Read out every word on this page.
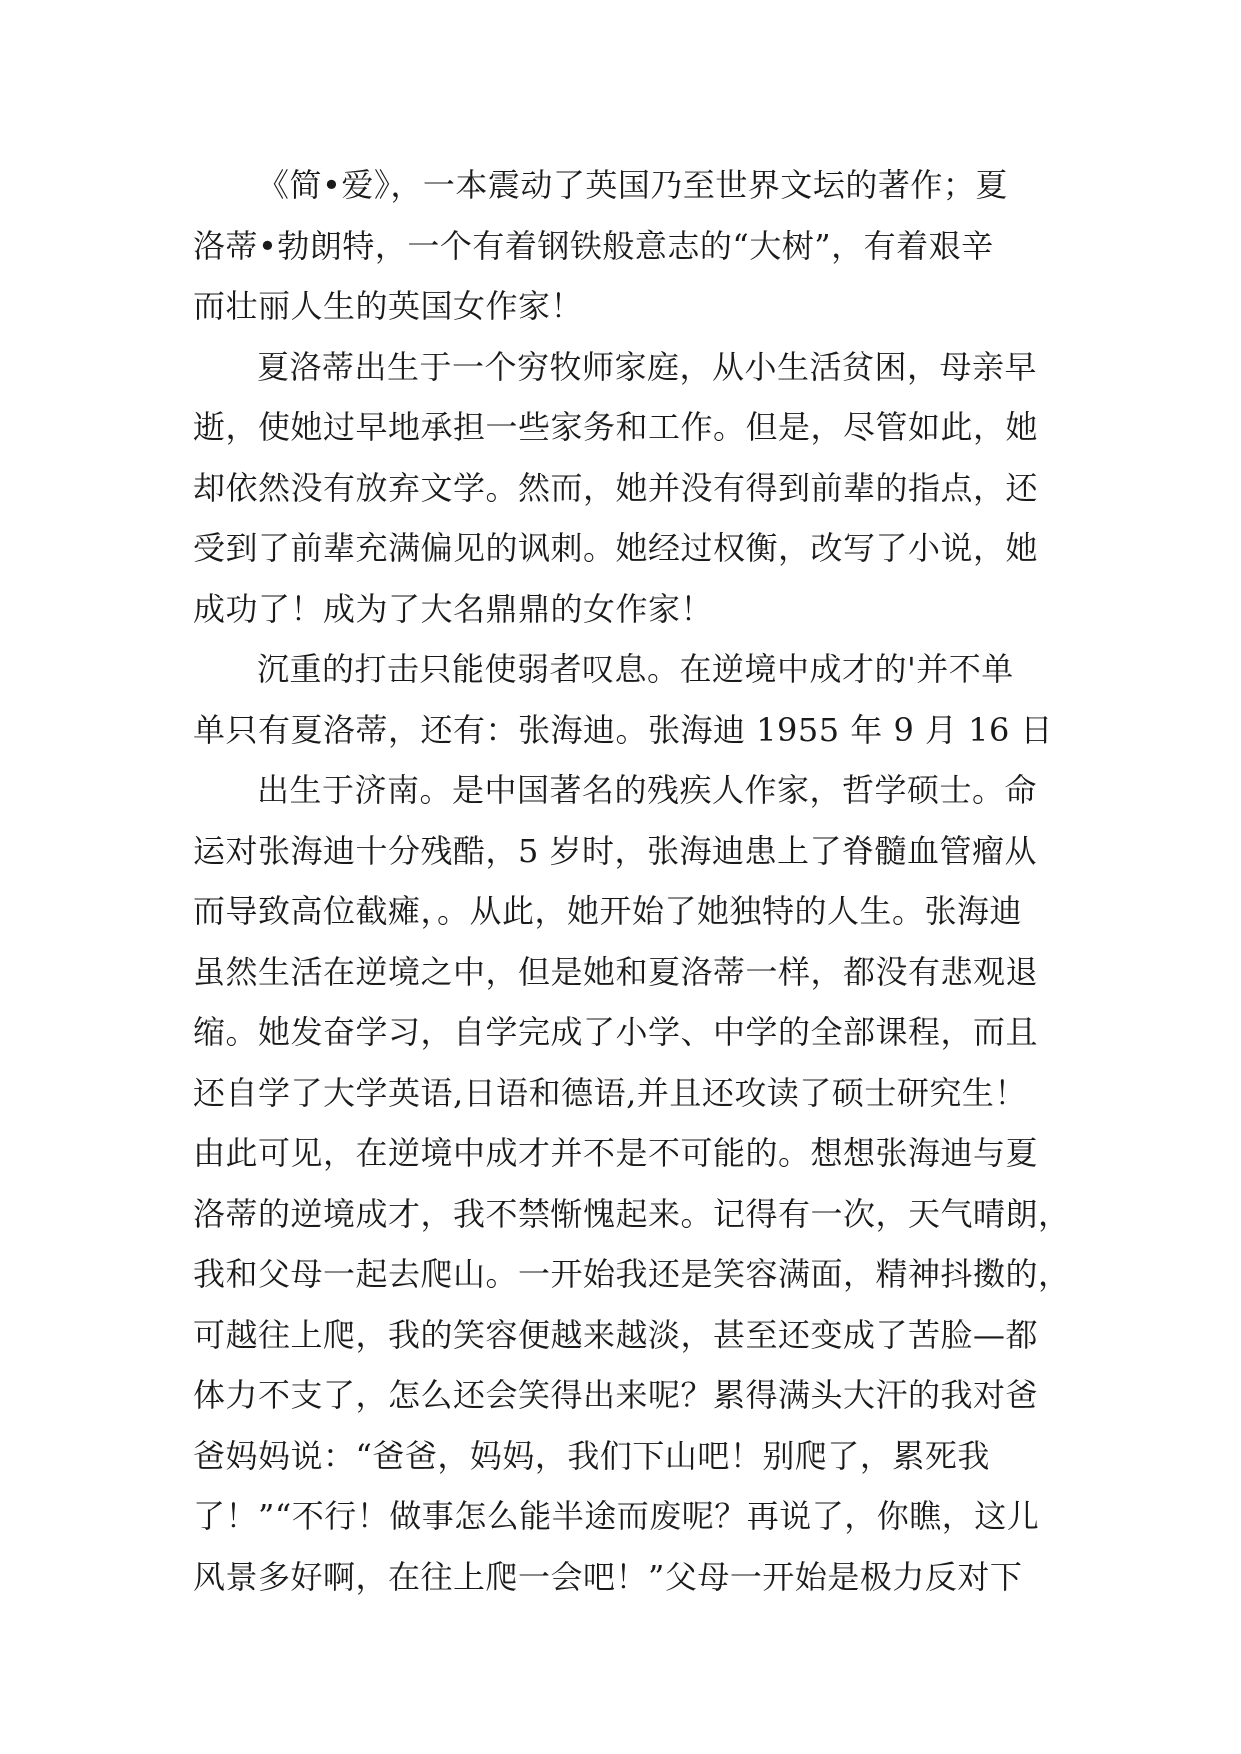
《简•爱》，一本震动了英国乃至世界文坛的著作；夏
洛蒂•勃朗特，一个有着钢铁般意志的“大树”，有着艰辛
而壮丽人生的英国女作家！
夏洛蒂出生于一个穷牧师家庭，从小生活贫困，母亲早
逝，使她过早地承担一些家务和工作。但是，尽管如此，她
却依然没有放弃文学。然而，她并没有得到前辈的指点，还
受到了前辈充满偏见的讽刺。她经过权衡，改写了小说，她
成功了！成为了大名鼎鼎的女作家！
沉重的打击只能使弱者叹息。在逆境中成才的'并不单
单只有夏洛蒂，还有：张海迪。张海迪 1955 年 9 月 16 日
出生于济南。是中国著名的残疾人作家，哲学硕士。命
运对张海迪十分残酷，5 岁时，张海迪患上了脊髓血管瘤从
而导致高位截瘫，。从此，她开始了她独特的人生。张海迪
虽然生活在逆境之中，但是她和夏洛蒂一样，都没有悲观退
缩。她发奋学习，自学完成了小学、中学的全部课程，而且
还自学了大学英语,日语和德语,并且还攻读了硕士研究生！
由此可见，在逆境中成才并不是不可能的。想想张海迪与夏
洛蒂的逆境成才，我不禁惭愧起来。记得有一次，天气晴朗，
我和父母一起去爬山。一开始我还是笑容满面，精神抖擞的，
可越往上爬，我的笑容便越来越淡，甚至还变成了苦脸—都
体力不支了，怎么还会笑得出来呢？累得满头大汗的我对爸
爸妈妈说：“爸爸，妈妈，我们下山吧！别爬了，累死我
了！”“不行！做事怎么能半途而废呢？再说了，你瞧，这儿
风景多好啊，在往上爬一会吧！”父母一开始是极力反对下
